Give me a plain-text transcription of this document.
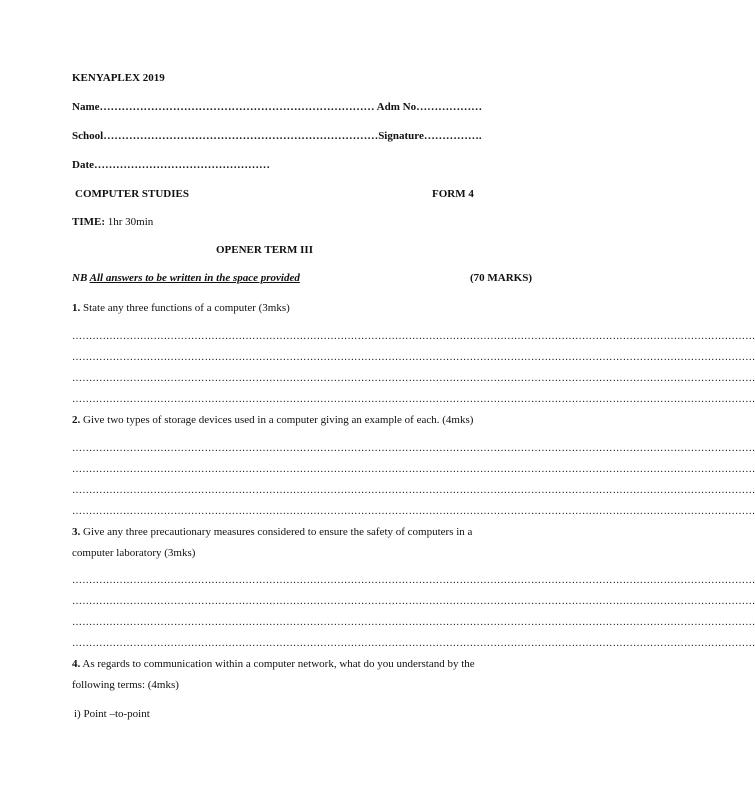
KENYAPLEX 2019
Name………………………………………………………………… Adm No………………
School…………………………………………………………………Signature…………….
Date…………………………………………
COMPUTER STUDIES	FORM 4
TIME: 1hr 30min
OPENER TERM III
NB All answers to be written in the space provided	(70 MARKS)
1. State any three functions of a computer (3mks)
…………………………………………………………………………………………………………………………………………………………………………………
…………………………………………………………………………………………………………………………………………………………………………………
…………………………………………………………………………………………………………………………………………………………………………………
…………………………………………………………………………………………………………………………………………………………………………………
2. Give two types of storage devices used in a computer giving an example of each. (4mks)
…………………………………………………………………………………………………………………………………………………………………………………
…………………………………………………………………………………………………………………………………………………………………………………
…………………………………………………………………………………………………………………………………………………………………………………
…………………………………………………………………………………………………………………………………………………………………………………
3. Give any three precautionary measures considered to ensure the safety of computers in a
computer laboratory (3mks)
…………………………………………………………………………………………………………………………………………………………………………………
…………………………………………………………………………………………………………………………………………………………………………………
…………………………………………………………………………………………………………………………………………………………………………………
…………………………………………………………………………………………………………………………………………………………………………………
4. As regards to communication within a computer network, what do you understand by the
following terms: (4mks)
i) Point –to-point
